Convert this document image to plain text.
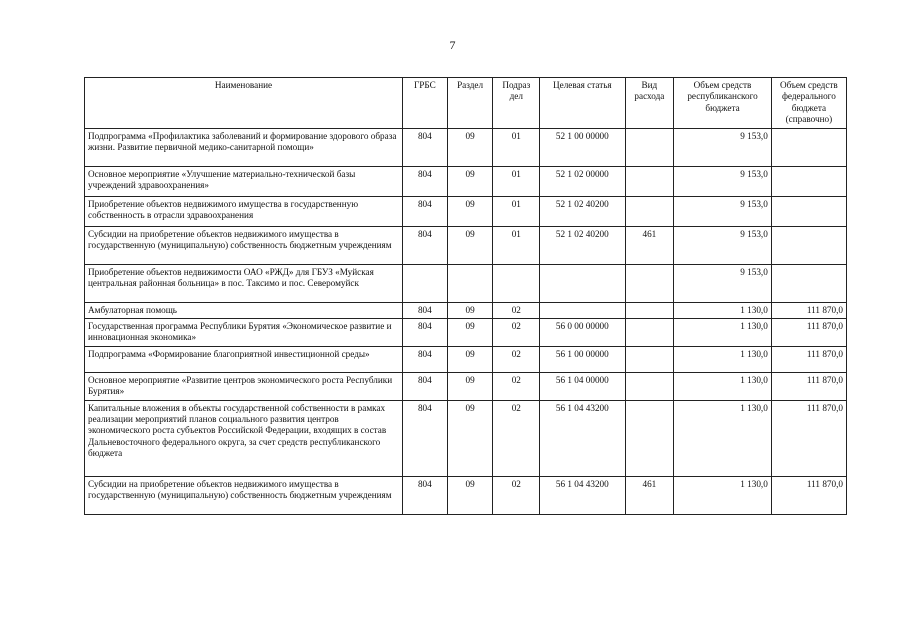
7
Наименование	ГРБС	Раздел	Подраз дел	Целевая статья	Вид расхода	Объем средств республиканского бюджета	Объем средств федерального бюджета (справочно)
Подпрограмма «Профилактика заболеваний и формирование здорового образа жизни. Развитие первичной медико-санитарной помощи»	804	09	01	52 1 00 00000		9 153,0	
Основное мероприятие «Улучшение материально-технической базы учреждений здравоохранения»	804	09	01	52 1 02 00000		9 153,0	
Приобретение объектов недвижимого имущества в государственную собственность в отрасли здравоохранения	804	09	01	52 1 02 40200		9 153,0	
Субсидии на приобретение объектов недвижимого имущества в государственную (муниципальную) собственность бюджетным учреждениям	804	09	01	52 1 02 40200	461	9 153,0	
Приобретение объектов недвижимости ОАО «РЖД» для ГБУЗ «Муйская центральная районная больница» в пос. Таксимо и пос. Северомуйск						9 153,0	
Амбулаторная помощь	804	09	02			1 130,0	111 870,0
Государственная программа Республики Бурятия «Экономическое развитие и инновационная экономика»	804	09	02	56 0 00 00000		1 130,0	111 870,0
Подпрограмма «Формирование благоприятной инвестиционной среды»	804	09	02	56 1 00 00000		1 130,0	111 870,0
Основное мероприятие «Развитие центров экономического роста Республики Бурятия»	804	09	02	56 1 04 00000		1 130,0	111 870,0
Капитальные вложения в объекты государственной собственности в рамках реализации мероприятий планов социального развития центров экономического роста субъектов Российской Федерации, входящих в состав Дальневосточного федерального округа, за счет средств республиканского бюджета	804	09	02	56 1 04 43200		1 130,0	111 870,0
Субсидии на приобретение объектов недвижимого имущества в государственную (муниципальную) собственность бюджетным учреждениям	804	09	02	56 1 04 43200	461	1 130,0	111 870,0
